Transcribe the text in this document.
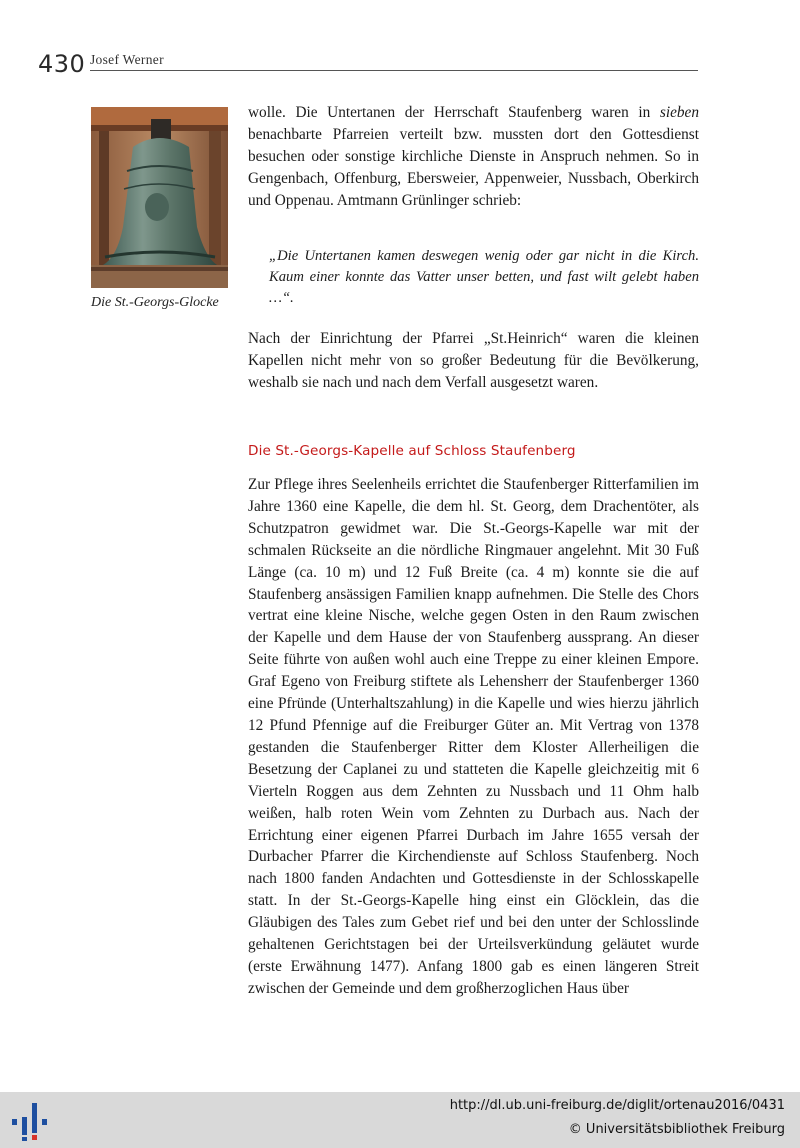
430 Josef Werner
Die St.-Georgs-Glocke

wolle. Die Untertanen der Herrschaft Staufenberg waren in sieben benachbarte Pfarreien verteilt bzw. mussten dort den Gottesdienst besuchen oder sonstige kirchliche Dienste in Anspruch nehmen. So in Gengenbach, Offenburg, Ebersweier, Appenweier, Nussbach, Oberkirch und Oppenau. Amtmann Grünlinger schrieb:

„Die Untertanen kamen deswegen wenig oder gar nicht in die Kirch. Kaum einer konnte das Vatter unser betten, und fast wilt gelebt haben …“.

Nach der Einrichtung der Pfarrei „St.Heinrich“ waren die kleinen Kapellen nicht mehr von so großer Bedeutung für die Bevölkerung, weshalb sie nach und nach dem Verfall ausgesetzt waren.

Die St.-Georgs-Kapelle auf Schloss Staufenberg

Zur Pflege ihres Seelenheils errichtet die Staufenberger Ritterfamilien im Jahre 1360 eine Kapelle, die dem hl. St. Georg, dem Drachentöter, als Schutzpatron gewidmet war. Die St.-Georgs-Kapelle war mit der schmalen Rückseite an die nördliche Ringmauer angelehnt. Mit 30 Fuß Länge (ca. 10 m) und 12 Fuß Breite (ca. 4 m) konnte sie die auf Staufenberg ansässigen Familien knapp aufnehmen. Die Stelle des Chors vertrat eine kleine Nische, welche gegen Osten in den Raum zwischen der Kapelle und dem Hause der von Staufenberg aussprang. An dieser Seite führte von außen wohl auch eine Treppe zu einer kleinen Empore. Graf Egeno von Freiburg stiftete als Lehensherr der Staufenberger 1360 eine Pfründe (Unterhaltszahlung) in die Kapelle und wies hierzu jährlich 12 Pfund Pfennige auf die Freiburger Güter an. Mit Vertrag von 1378 gestanden die Staufenberger Ritter dem Kloster Allerheiligen die Besetzung der Caplanei zu und statteten die Kapelle gleichzeitig mit 6 Vierteln Roggen aus dem Zehnten zu Nussbach und 11 Ohm halb weißen, halb roten Wein vom Zehnten zu Durbach aus. Nach der Errichtung einer eigenen Pfarrei Durbach im Jahre 1655 versah der Durbacher Pfarrer die Kirchendienste auf Schloss Staufenberg. Noch nach 1800 fanden Andachten und Gottesdienste in der Schlosskapelle statt. In der St.-Georgs-Kapelle hing einst ein Glöcklein, das die Gläubigen des Tales zum Gebet rief und bei den unter der Schlosslinde gehaltenen Gerichtstagen bei der Urteilsverkündung geläutet wurde (erste Erwähnung 1477). Anfang 1800 gab es einen längeren Streit zwischen der Gemeinde und dem großherzoglichen Haus über

http://dl.ub.uni-freiburg.de/diglit/ortenau2016/0431
© Universitätsbibliothek Freiburg
